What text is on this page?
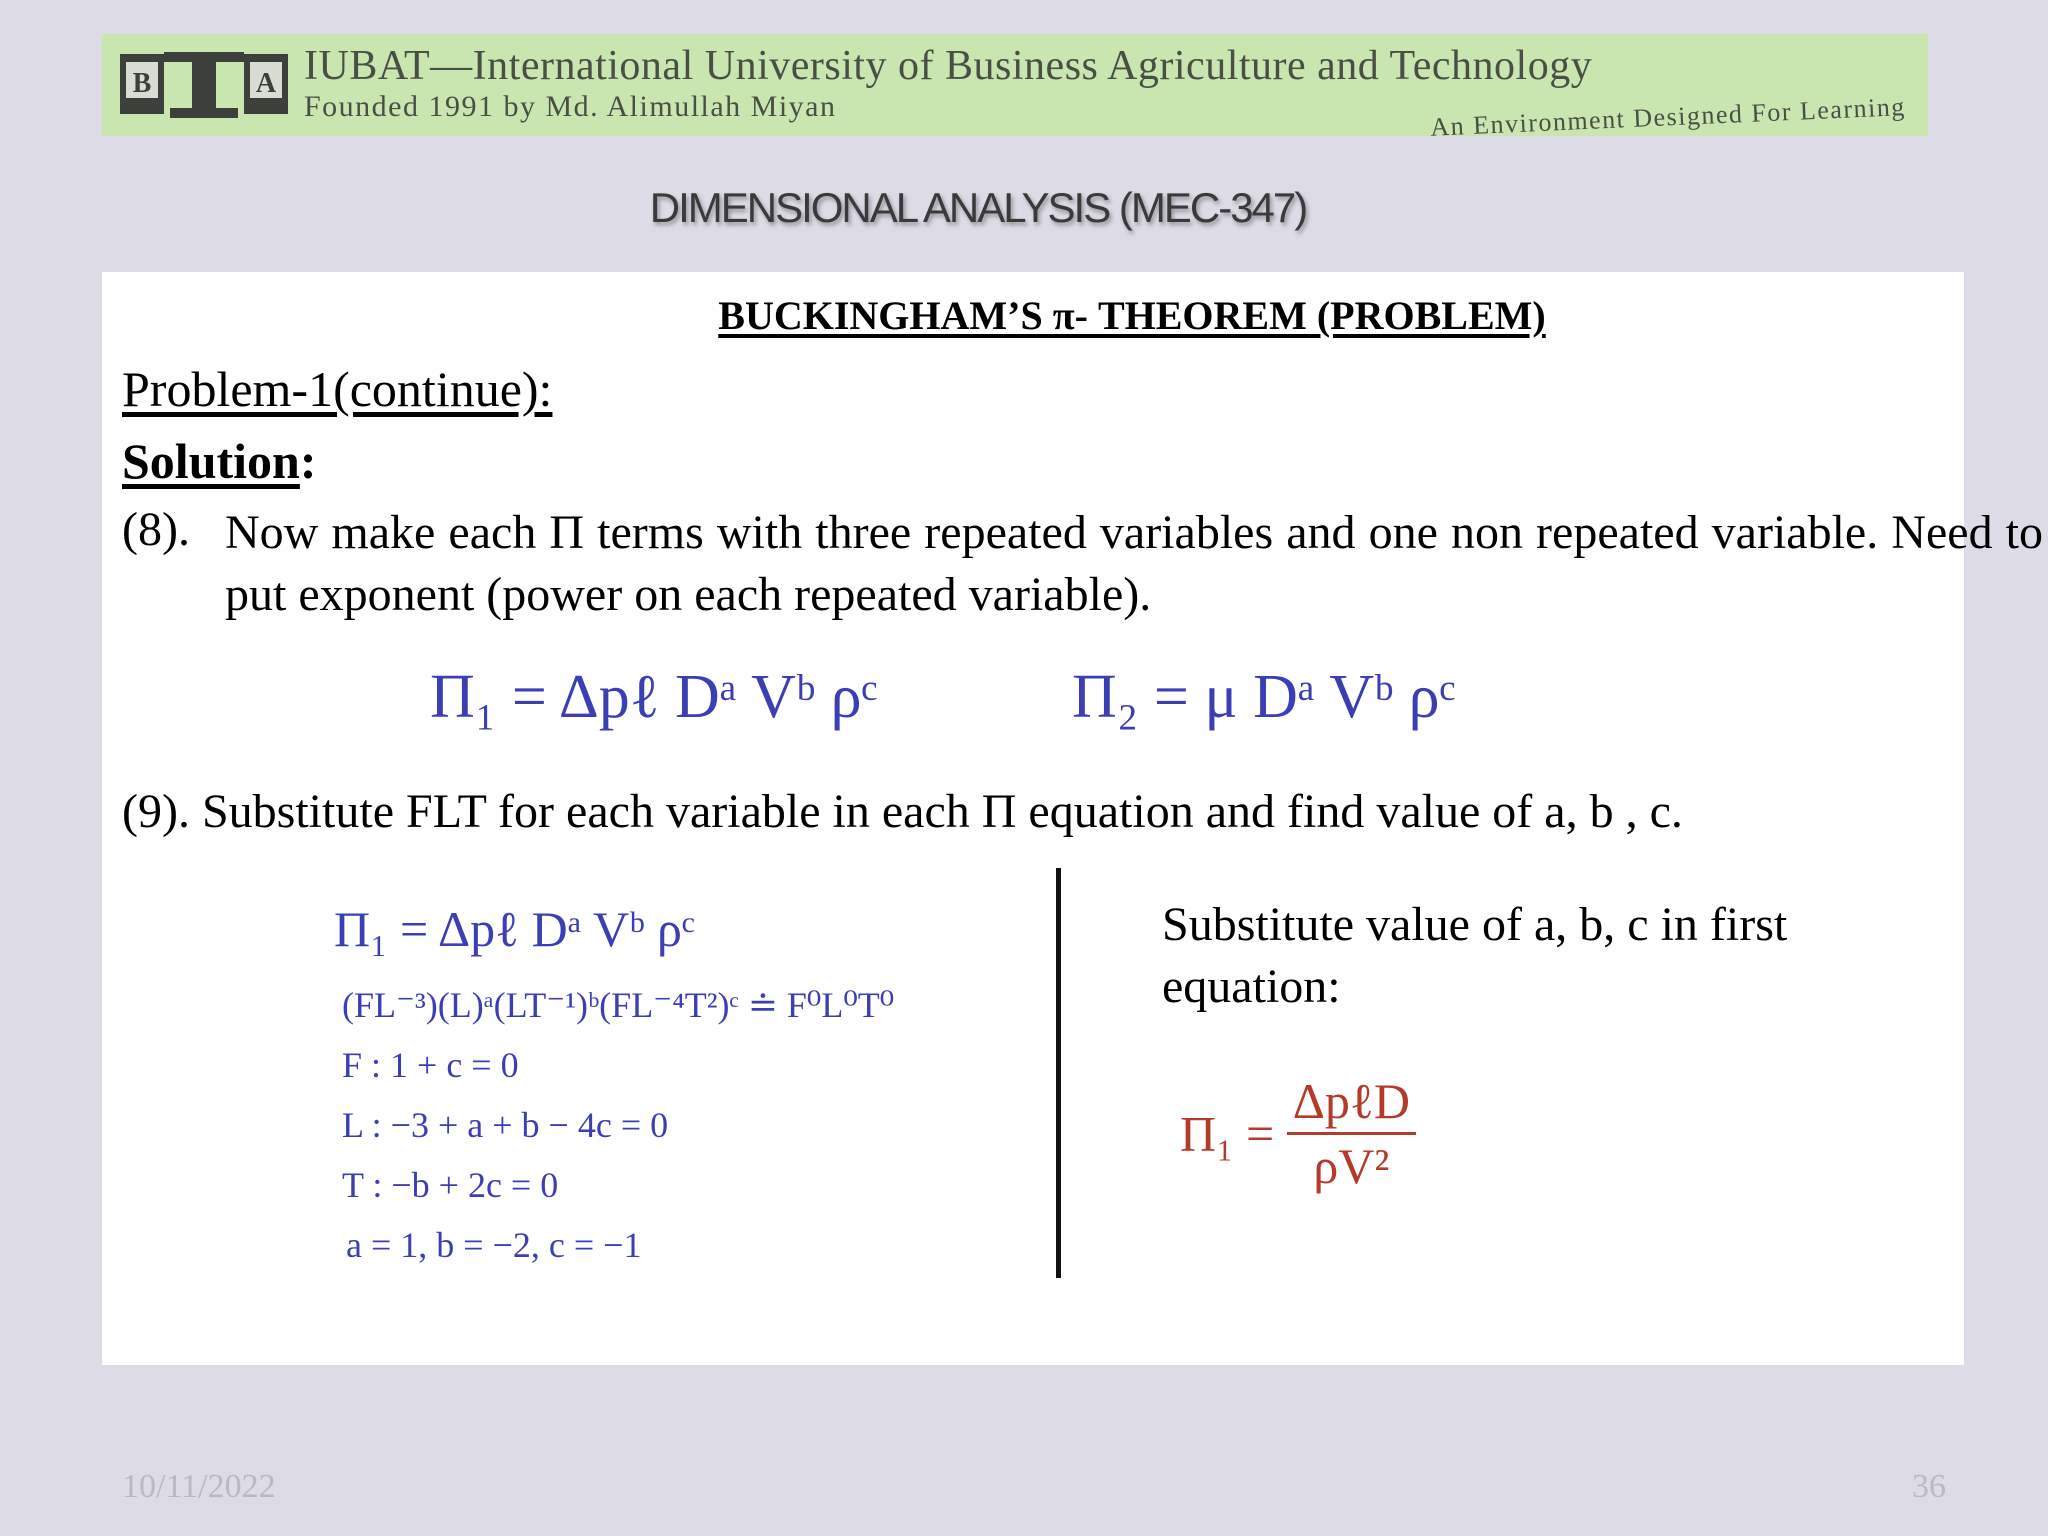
B	A IUBAT—International University of Business Agriculture and Technology
Founded 1991 by Md. Alimullah Miyan	An Environment Designed For Learning
DIMENSIONAL ANALYSIS (MEC-347)
BUCKINGHAM’S π- THEOREM (PROBLEM)
Problem-1(continue):
Solution:
(8). Now make each Π terms with three repeated variables and one non repeated variable. Need to put exponent (power on each repeated variable).
Π₁ = Δpℓ Dᵃ Vᵇ ρᶜ	Π₂ = μ Dᵃ Vᵇ ρᶜ
(9). Substitute FLT for each variable in each Π equation and find value of a, b , c.
Π₁ = Δpℓ Dᵃ Vᵇ ρᶜ
(FL⁻³)(L)ᵃ(LT⁻¹)ᵇ(FL⁻⁴T²)ᶜ ≐ F⁰L⁰T⁰
F : 1 + c = 0
L : −3 + a + b − 4c = 0
T : −b + 2c = 0
a = 1, b = −2, c = −1
Substitute value of a, b, c in first equation:
$\Pi_1 = \frac{\text{ΔpℓD}}{\text{ρV²}}$
10/11/2022	36
